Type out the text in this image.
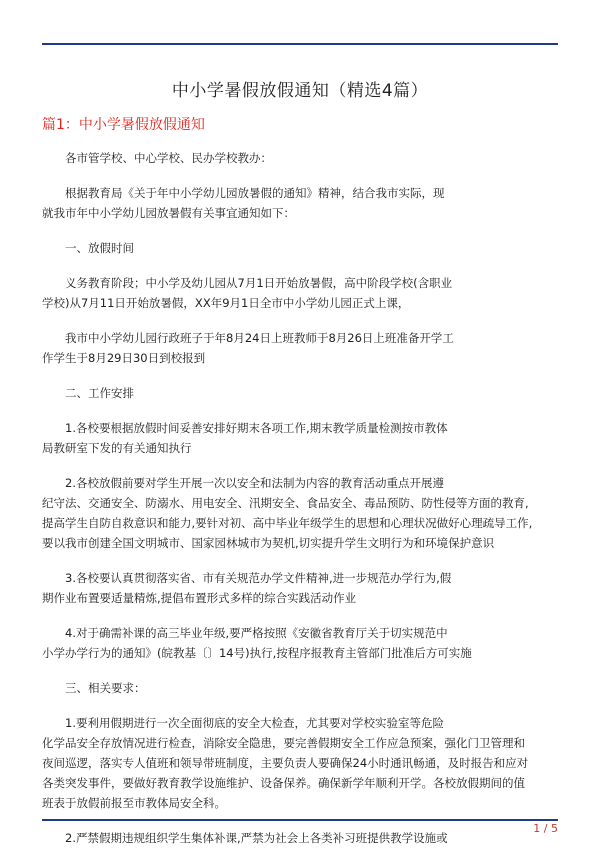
中小学暑假放假通知（精选4篇）
篇1：中小学暑假放假通知

各市管学校、中心学校、民办学校教办：

根据教育局《关于年中小学幼儿园放暑假的通知》精神，结合我市实际，现
就我市年中小学幼儿园放暑假有关事宜通知如下：

一、放假时间

义务教育阶段；中小学及幼儿园从7月1日开始放暑假，高中阶段学校(含职业
学校)从7月11日开始放暑假，XX年9月1日全市中小学幼儿园正式上课，

我市中小学幼儿园行政班子于年8月24日上班教师于8月26日上班准备开学工
作学生于8月29日30日到校报到

二、工作安排

1.各校要根据放假时间妥善安排好期末各项工作,期末教学质量检测按市教体
局教研室下发的有关通知执行

2.各校放假前要对学生开展一次以安全和法制为内容的教育活动重点开展遵
纪守法、交通安全、防溺水、用电安全、汛期安全、食品安全、毒品预防、防性侵等方面的教育,
提高学生自防自救意识和能力,要针对初、高中毕业年级学生的思想和心理状况做好心理疏导工作,
要以我市创建全国文明城市、国家园林城市为契机,切实提升学生文明行为和环境保护意识

3.各校要认真贯彻落实省、市有关规范办学文件精神,进一步规范办学行为,假
期作业布置要适量精炼,提倡布置形式多样的综合实践活动作业

4.对于确需补课的高三毕业年级,要严格按照《安徽省教育厅关于切实规范中
小学办学行为的通知》(皖教基〔〕14号)执行,按程序报教育主管部门批准后方可实施

三、相关要求：

1.要利用假期进行一次全面彻底的安全大检查，尤其要对学校实验室等危险
化学品安全存放情况进行检查，消除安全隐患，要完善假期安全工作应急预案，强化门卫管理和
夜间巡逻，落实专人值班和领导带班制度，主要负责人要确保24小时通讯畅通，及时报告和应对
各类突发事件，要做好教育教学设施维护、设备保养。确保新学年顺利开学。各校放假期间的值
班表于放假前报至市教体局安全科。

2.严禁假期违规组织学生集体补课,严禁为社会上各类补习班提供教学设施或

1 / 5
